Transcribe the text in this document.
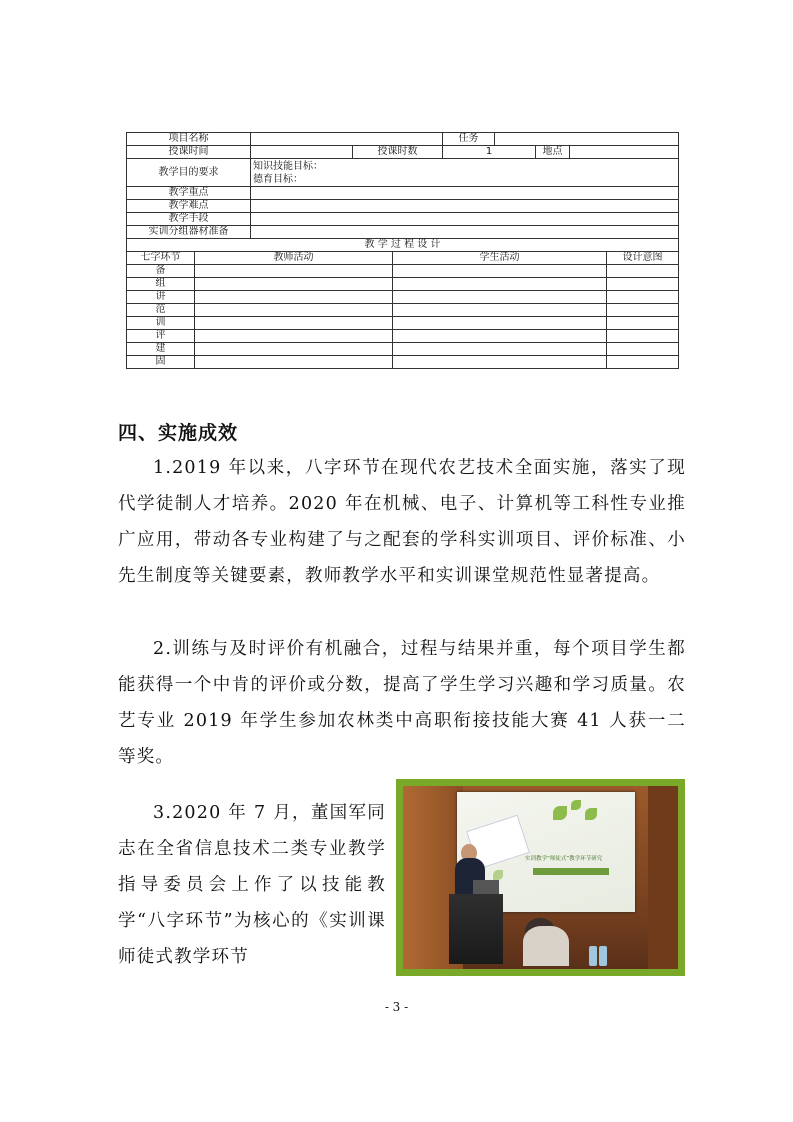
项目名称					任务				
授课时间			授课时数		1		地点		
教学目的要求		知识技能目标：
德育目标：							

教学重点									
教学难点									
教学手段									
实训分组器材准备									
教 学 过 程 设 计									
七字环节	教师活动			学生活动					设计意图
备									
组									
讲									
范									
训									
评									
建									
固									
四、实施成效

1.2019 年以来，八字环节在现代农艺技术全面实施，落实了现代学徒制人才培养。2020 年在机械、电子、计算机等工科性专业推广应用，带动各专业构建了与之配套的学科实训项目、评价标准、小先生制度等关键要素，教师教学水平和实训课堂规范性显著提高。

2.训练与及时评价有机融合，过程与结果并重，每个项目学生都能获得一个中肯的评价或分数，提高了学生学习兴趣和学习质量。农艺专业 2019 年学生参加农林类中高职衔接技能大赛 41 人获一二等奖。

3.2020 年 7 月，董国军同志在全省信息技术二类专业教学指导委员会上作了以技能教学“八字环节”为核心的《实训课师徒式教学环节

实训教学“师徒式”教学环节研究
- 3 -
